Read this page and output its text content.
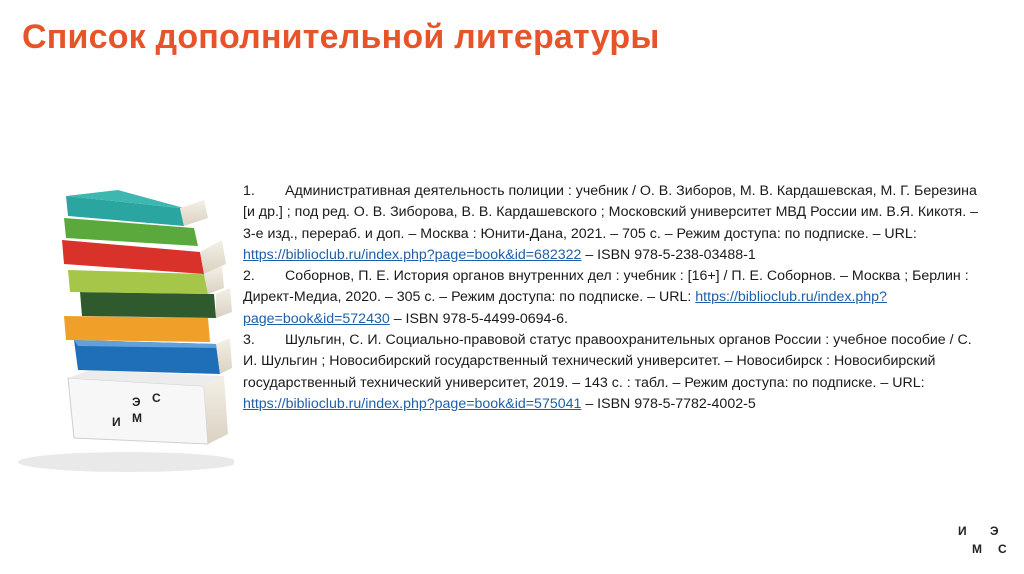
Список дополнительной литературы
И
Э
М
С

1. Административная деятельность полиции : учебник / О. В. Зиборов, М. В. Кардашевская, М. Г. Березина [и др.] ; под ред. О. В. Зиборова, В. В. Кардашевского ; Московский университет МВД России им. В.Я. Кикотя. – 3-е изд., перераб. и доп. – Москва : Юнити-Дана, 2021. – 705 с. – Режим доступа: по подписке. – URL: https://biblioclub.ru/index.php?page=book&id=682322 – ISBN 978-5-238-03488-1

2. Соборнов, П. Е. История органов внутренних дел : учебник : [16+] / П. Е. Соборнов. – Москва ; Берлин : Директ-Медиа, 2020. – 305 с. – Режим доступа: по подписке. – URL: https://biblioclub.ru/index.php?page=book&id=572430 – ISBN 978-5-4499-0694-6.

3. Шульгин, С. И. Социально-правовой статус правоохранительных органов России : учебное пособие / С. И. Шульгин ; Новосибирский государственный технический университет. – Новосибирск : Новосибирский государственный технический университет, 2019. – 143 с. : табл. – Режим доступа: по подписке. – URL: https://biblioclub.ru/index.php?page=book&id=575041 – ISBN 978-5-7782-4002-5

И Э
М С
